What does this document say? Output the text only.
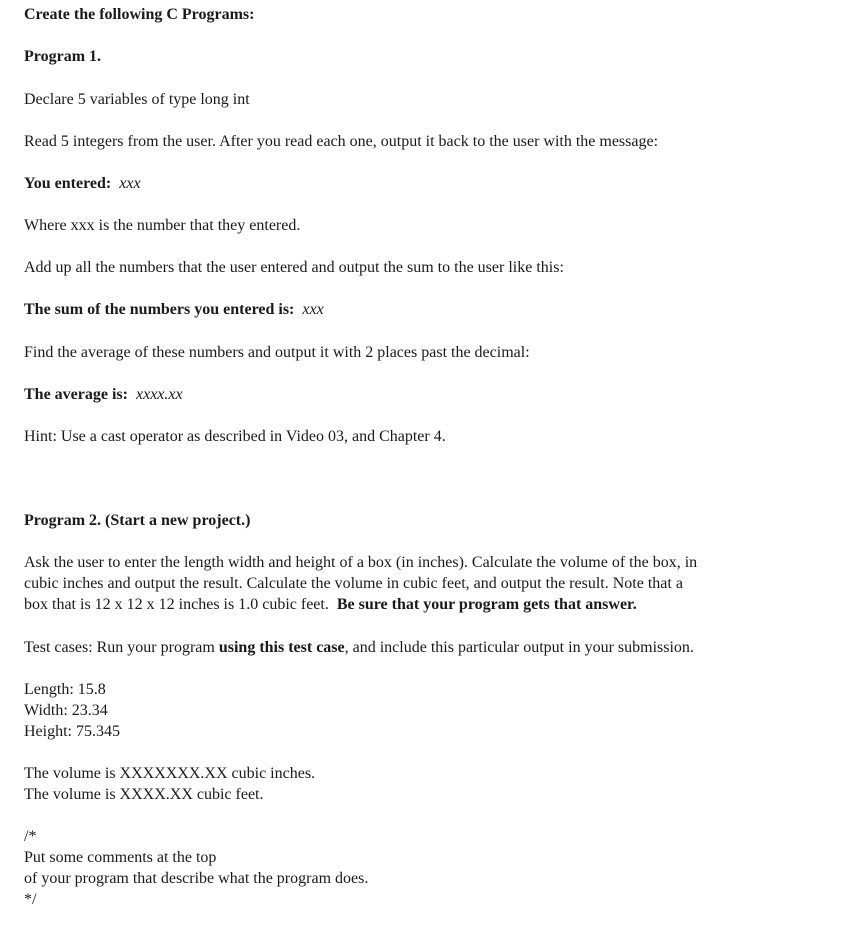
Create the following C Programs:
Program 1.
Declare 5 variables of type long int
Read 5 integers from the user. After you read each one, output it back to the user with the message:
You entered: xxx
Where xxx is the number that they entered.
Add up all the numbers that the user entered and output the sum to the user like this:
The sum of the numbers you entered is: xxx
Find the average of these numbers and output it with 2 places past the decimal:
The average is: xxxx.xx
Hint: Use a cast operator as described in Video 03, and Chapter 4.
Program 2. (Start a new project.)
Ask the user to enter the length width and height of a box (in inches). Calculate the volume of the box, in
cubic inches and output the result. Calculate the volume in cubic feet, and output the result. Note that a
box that is 12 x 12 x 12 inches is 1.0 cubic feet. Be sure that your program gets that answer.
Test cases: Run your program using this test case, and include this particular output in your submission.
Length: 15.8
Width: 23.34
Height: 75.345
The volume is XXXXXXX.XX cubic inches.
The volume is XXXX.XX cubic feet.
/*
Put some comments at the top
of your program that describe what the program does.
*/
